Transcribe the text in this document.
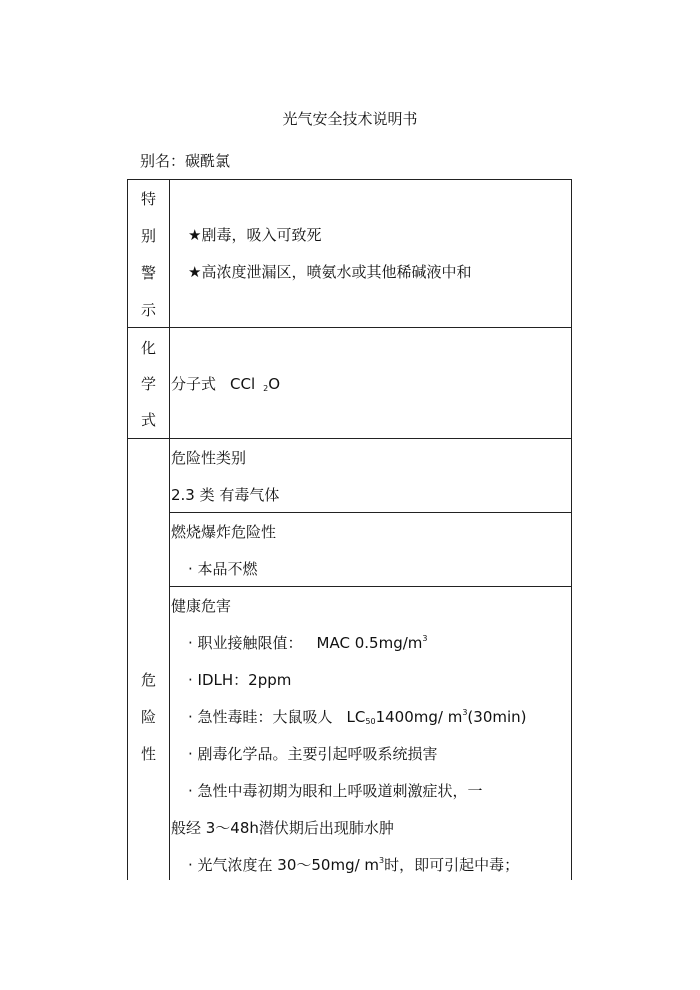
光气安全技术说明书
别名：碳酰氯
特
别
警
示
★剧毒，吸入可致死
★高浓度泄漏区，喷氨水或其他稀碱液中和
化
学
式
分子式 CCl $_2$O
危
险
性
危险性类别
2.3 类 有毒气体
燃烧爆炸危险性
· 本品不燃
健康危害
· 职业接触限值： MAC $0.5mg/m^3$
· IDLH：2ppm
· 急性毒眭：大鼠吸人 $LC_{50}1400mg/$ $m^3(30\min)$
· 剧毒化学品。主要引起呼吸系统损害
· 急性中毒初期为眼和上呼吸道刺激症状，一
般经 3～48h潜伏期后出现肺水肿
· 光气浓度在 30～50mg/ $m^3$时，即可引起中毒；
